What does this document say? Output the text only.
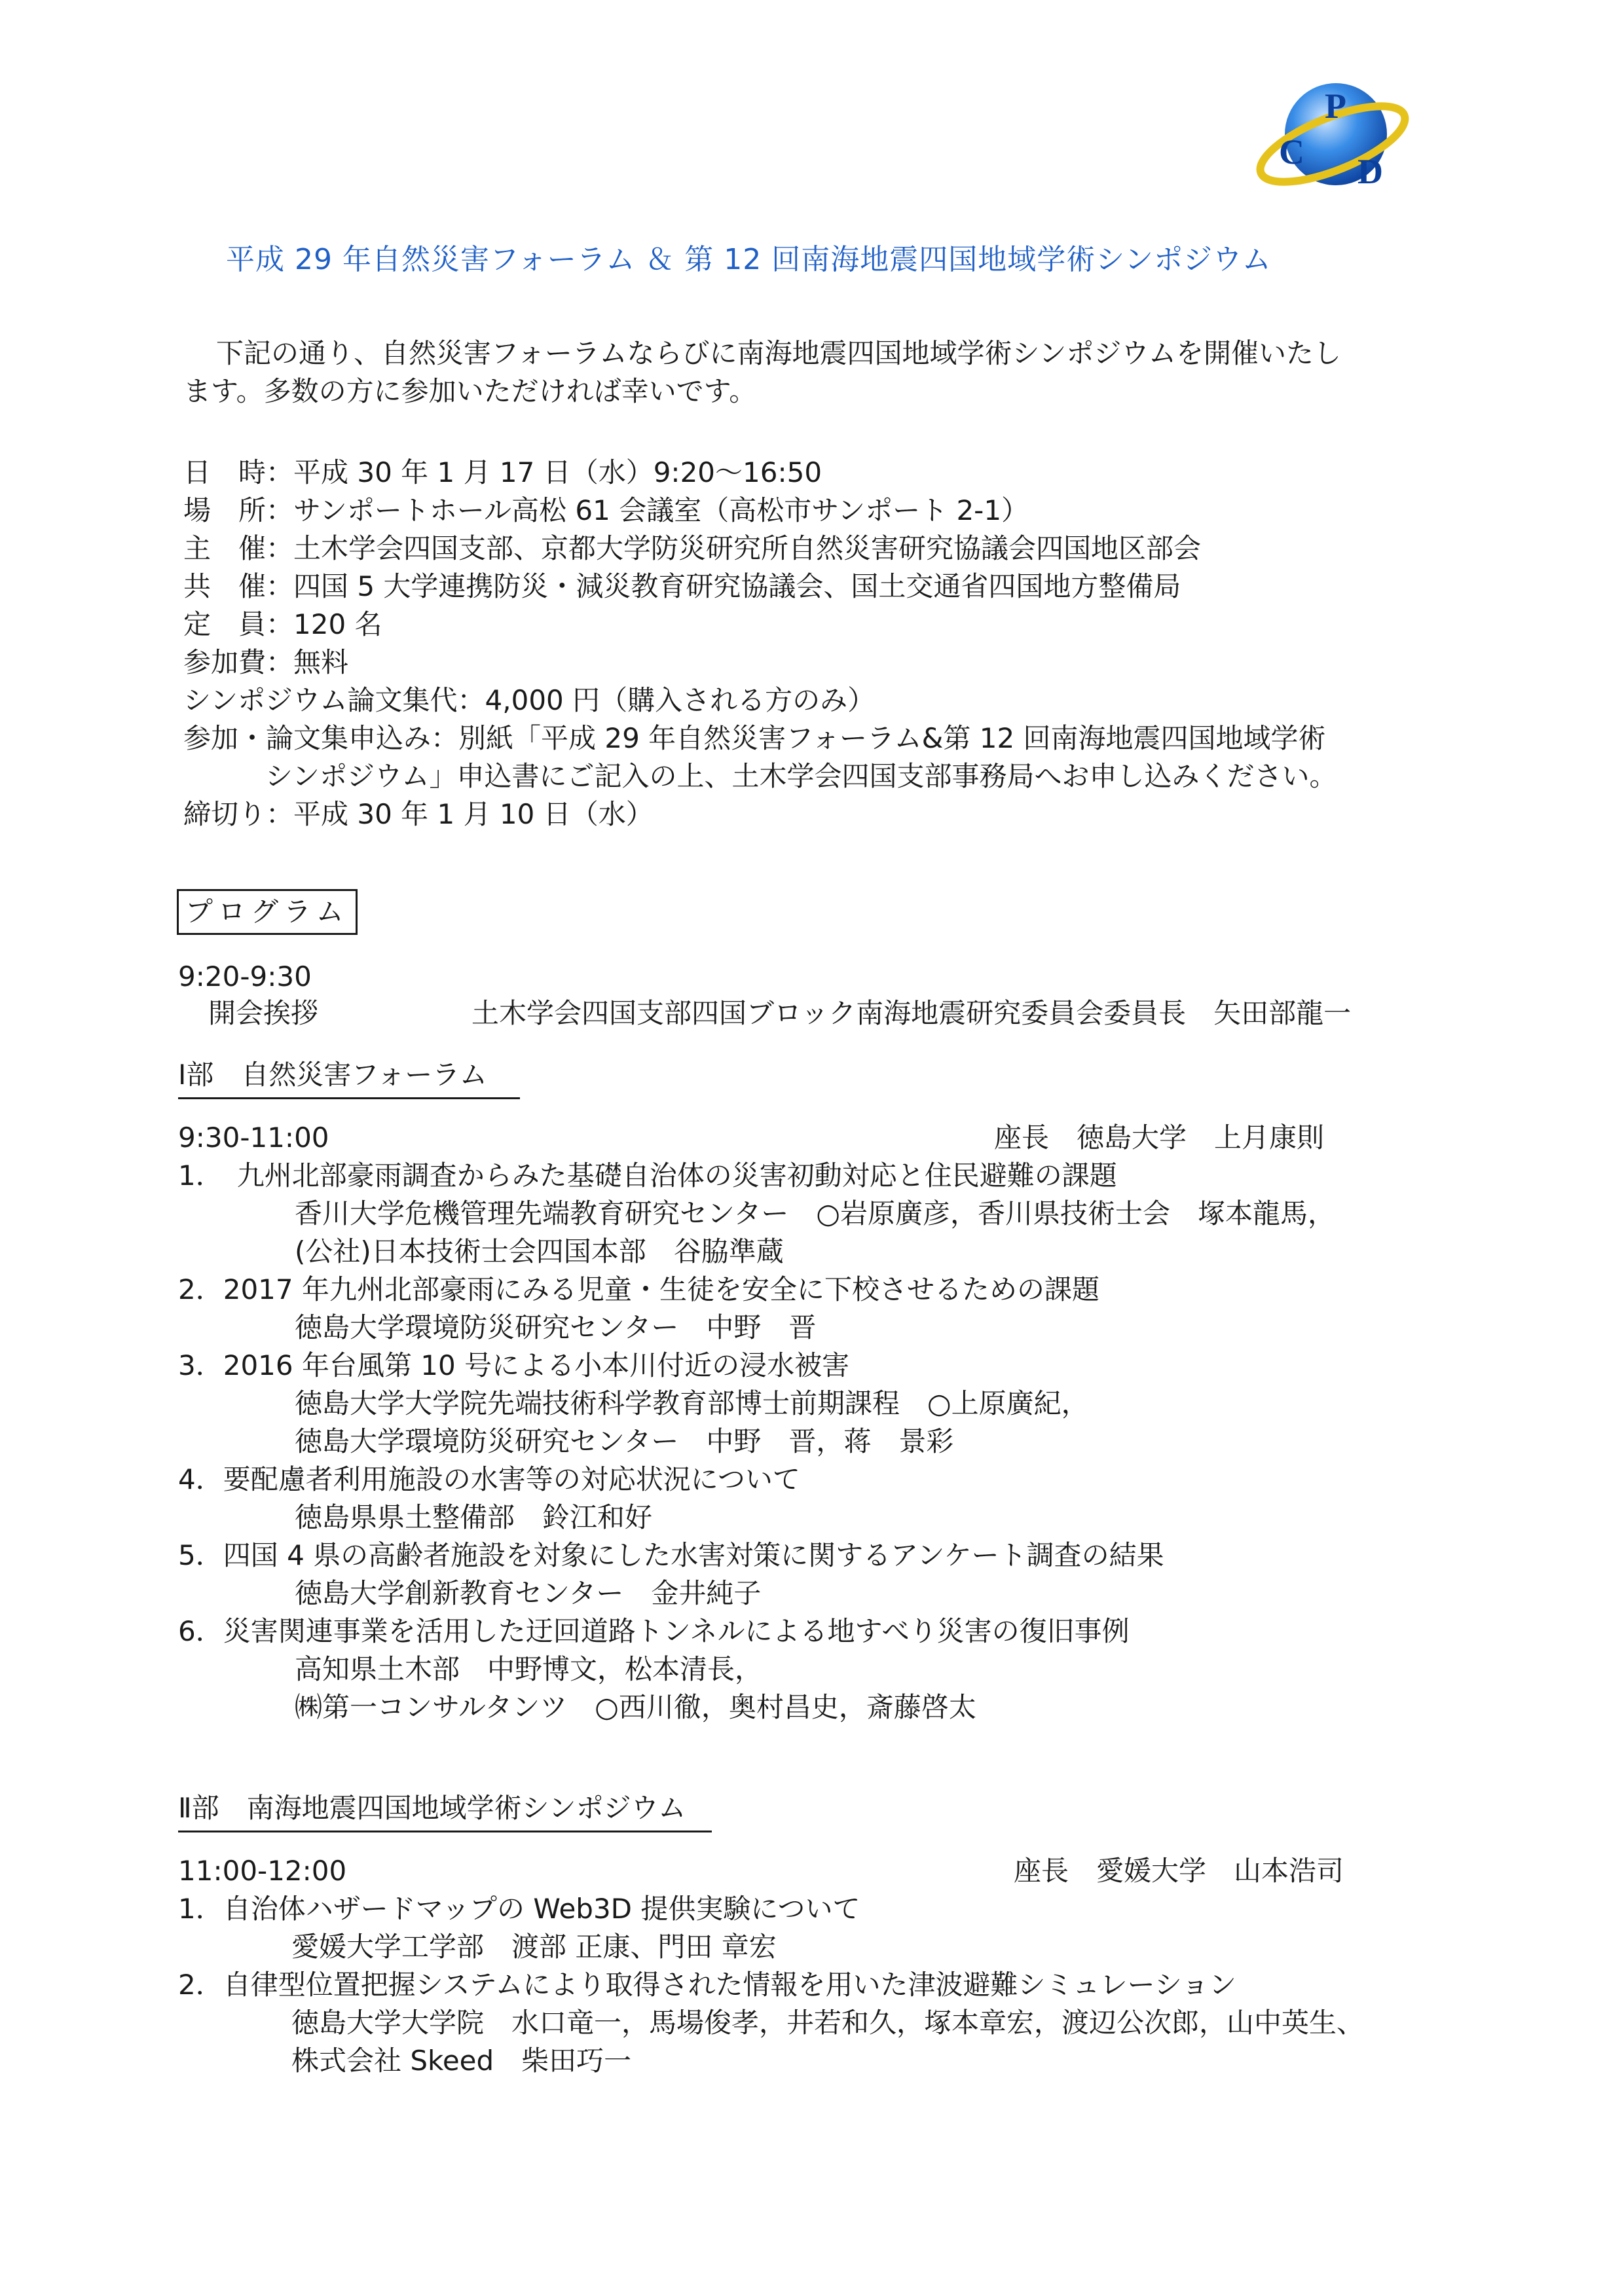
C
P
D
平成 29 年自然災害フォーラム ＆ 第 12 回南海地震四国地域学術シンポジウム
下記の通り、自然災害フォーラムならびに南海地震四国地域学術シンポジウムを開催いたし
ます。多数の方に参加いただければ幸いです。
日　時：平成 30 年 1 月 17 日（水）9:20～16:50
場　所：サンポートホール高松 61 会議室（高松市サンポート 2-1）
主　催：土木学会四国支部、京都大学防災研究所自然災害研究協議会四国地区部会
共　催：四国 5 大学連携防災・減災教育研究協議会、国土交通省四国地方整備局
定　員：120 名
参加費：無料
シンポジウム論文集代：4,000 円（購入される方のみ）
参加・論文集申込み：別紙「平成 29 年自然災害フォーラム&第 12 回南海地震四国地域学術
シンポジウム」申込書にご記入の上、土木学会四国支部事務局へお申し込みください。
締切り：平成 30 年 1 月 10 日（水）
プログラム
9:20-9:30
開会挨拶	土木学会四国支部四国ブロック南海地震研究委員会委員長　矢田部龍一
Ⅰ部　自然災害フォーラム
9:30-11:00	座長　徳島大学　上月康則
1．　九州北部豪雨調査からみた基礎自治体の災害初動対応と住民避難の課題
香川大学危機管理先端教育研究センター　○岩原廣彦，香川県技術士会　塚本龍馬，
(公社)日本技術士会四国本部　谷脇準蔵
2．2017 年九州北部豪雨にみる児童・生徒を安全に下校させるための課題
徳島大学環境防災研究センター　中野　晋
3．2016 年台風第 10 号による小本川付近の浸水被害
徳島大学大学院先端技術科学教育部博士前期課程　○上原廣紀，
徳島大学環境防災研究センター　中野　晋，蒋　景彩
4．要配慮者利用施設の水害等の対応状況について
徳島県県土整備部　鈴江和好
5．四国 4 県の高齢者施設を対象にした水害対策に関するアンケート調査の結果
徳島大学創新教育センター　金井純子
6．災害関連事業を活用した迂回道路トンネルによる地すべり災害の復旧事例
高知県土木部　中野博文，松本清長，
㈱第一コンサルタンツ　○西川徹，奥村昌史，斎藤啓太
Ⅱ部　南海地震四国地域学術シンポジウム
11:00-12:00	座長　愛媛大学　山本浩司
1．自治体ハザードマップの Web3D 提供実験について
愛媛大学工学部　渡部 正康、門田 章宏
2．自律型位置把握システムにより取得された情報を用いた津波避難シミュレーション
徳島大学大学院　水口竜一，馬場俊孝，井若和久，塚本章宏，渡辺公次郎，山中英生、
株式会社 Skeed　柴田巧一
